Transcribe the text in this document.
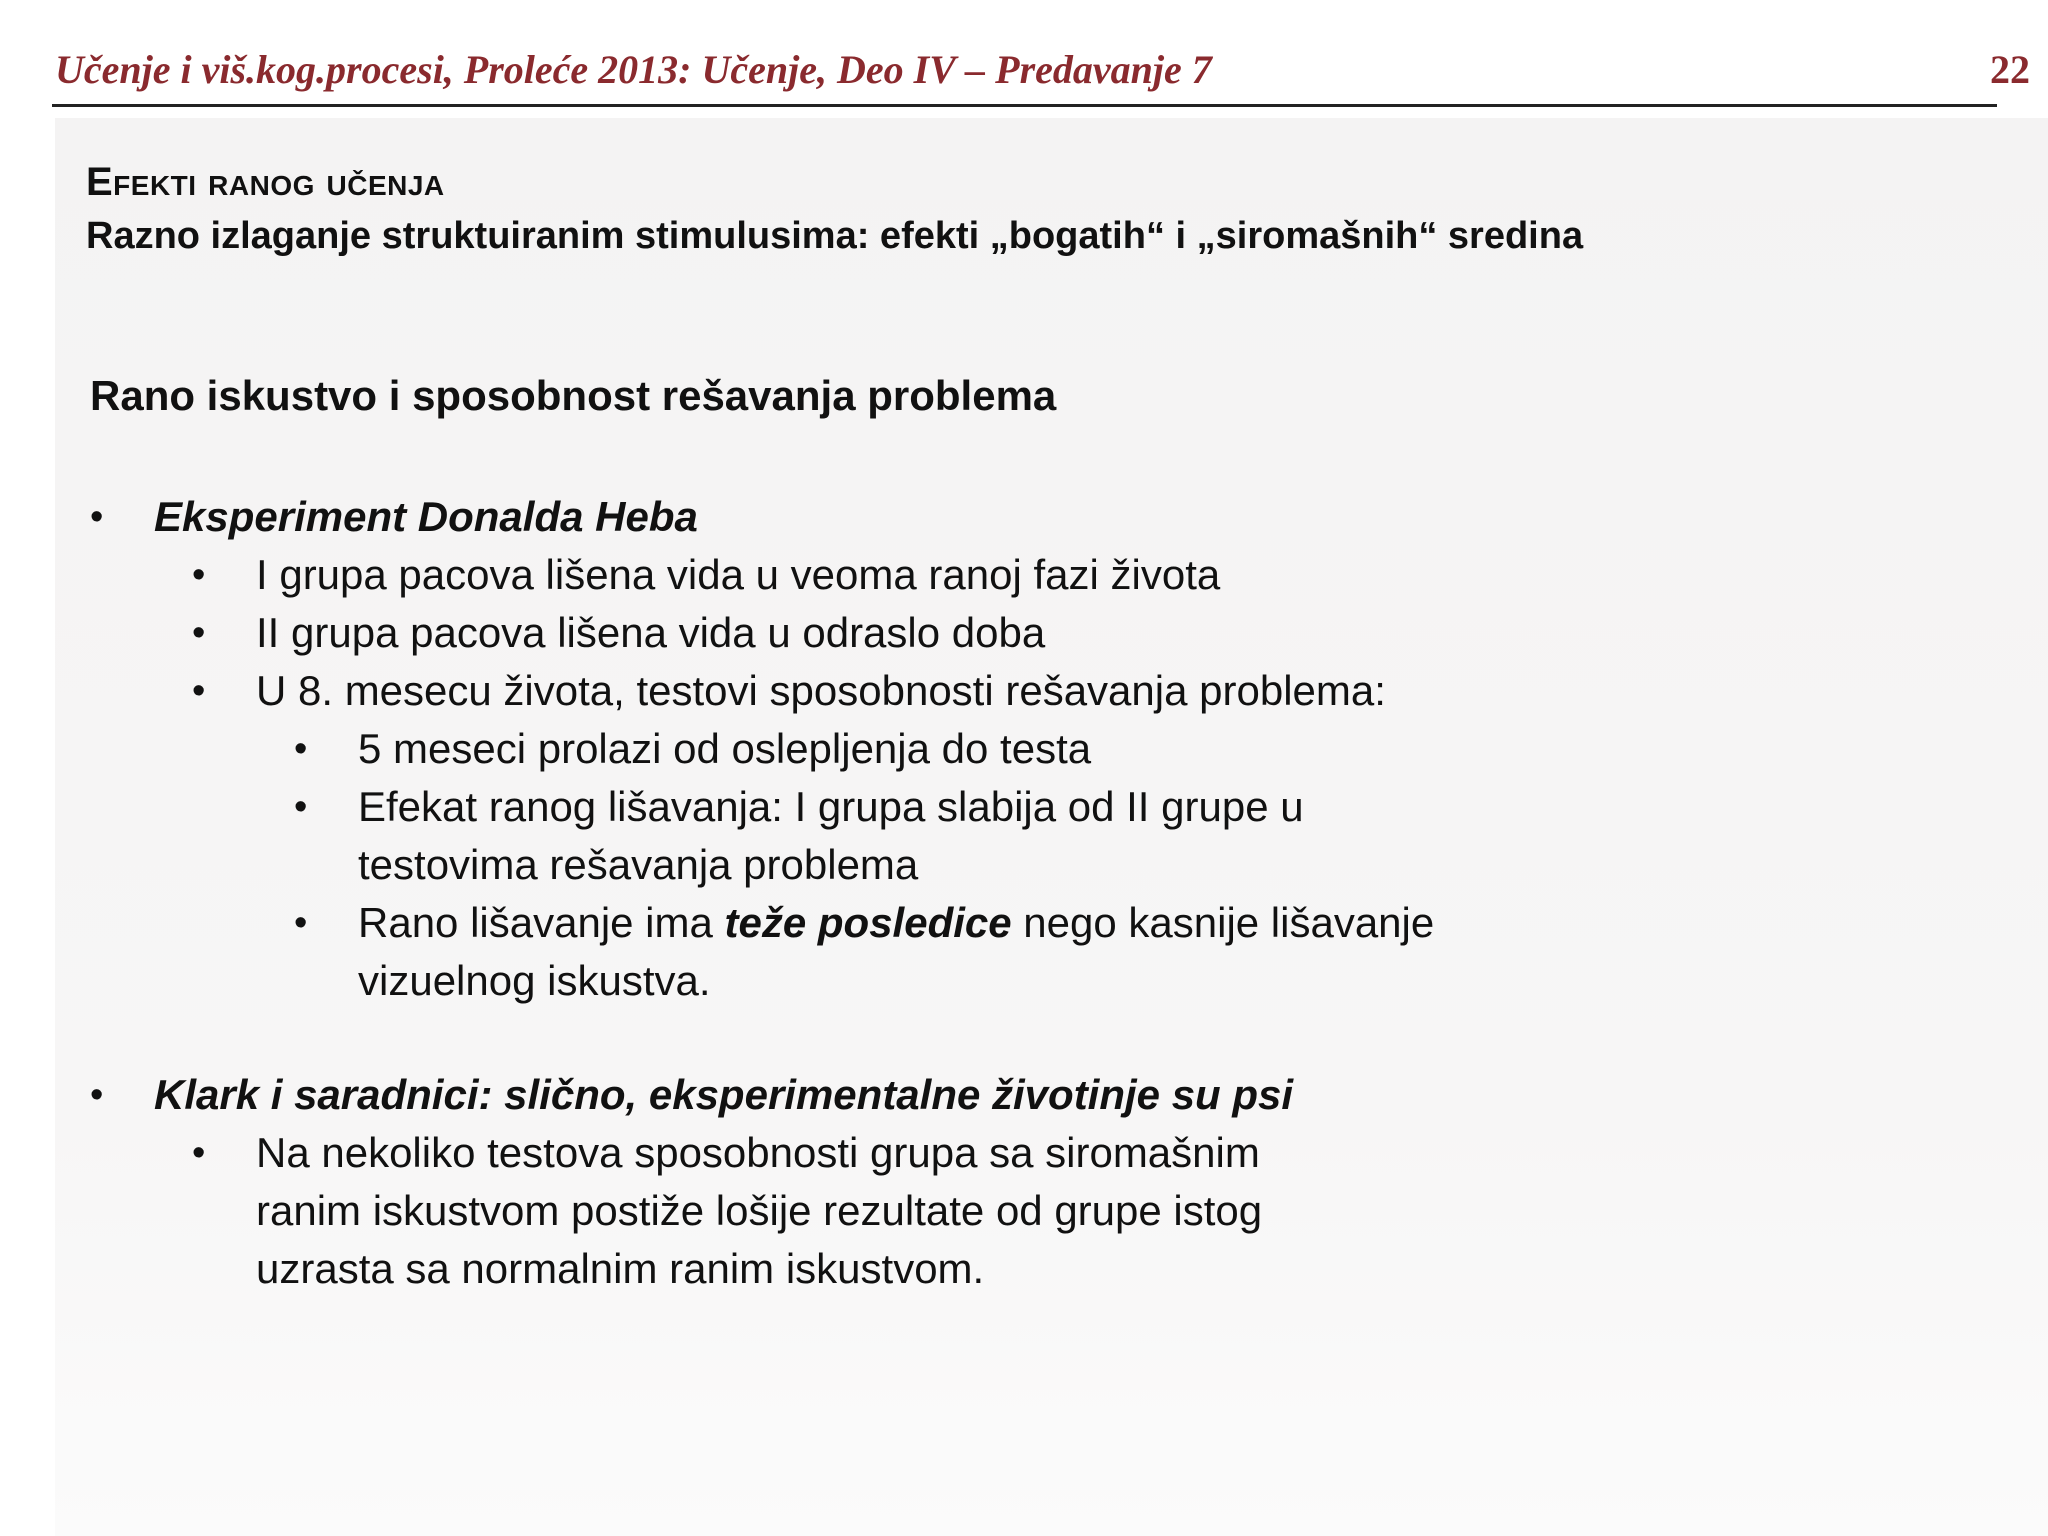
Učenje i viš.kog.procesi, Proleće 2013: Učenje, Deo IV – Predavanje 7	22
Efekti ranog učenja
Razno izlaganje struktuiranim stimulusima: efekti „bogatih“ i „siromašnih“ sredina
Rano iskustvo i sposobnost rešavanja problema
• Eksperiment Donalda Heba
• I grupa pacova lišena vida u veoma ranoj fazi života
• II grupa pacova lišena vida u odraslo doba
• U 8. mesecu života, testovi sposobnosti rešavanja problema:
• 5 meseci prolazi od oslepljenja do testa
• Efekat ranog lišavanja: I grupa slabija od II grupe u testovima rešavanja problema
• Rano lišavanje ima teže posledice nego kasnije lišavanje vizuelnog iskustva.
• Klark i saradnici: slično, eksperimentalne životinje su psi
• Na nekoliko testova sposobnosti grupa sa siromašnim ranim iskustvom postiže lošije rezultate od grupe istog uzrasta sa normalnim ranim iskustvom.
